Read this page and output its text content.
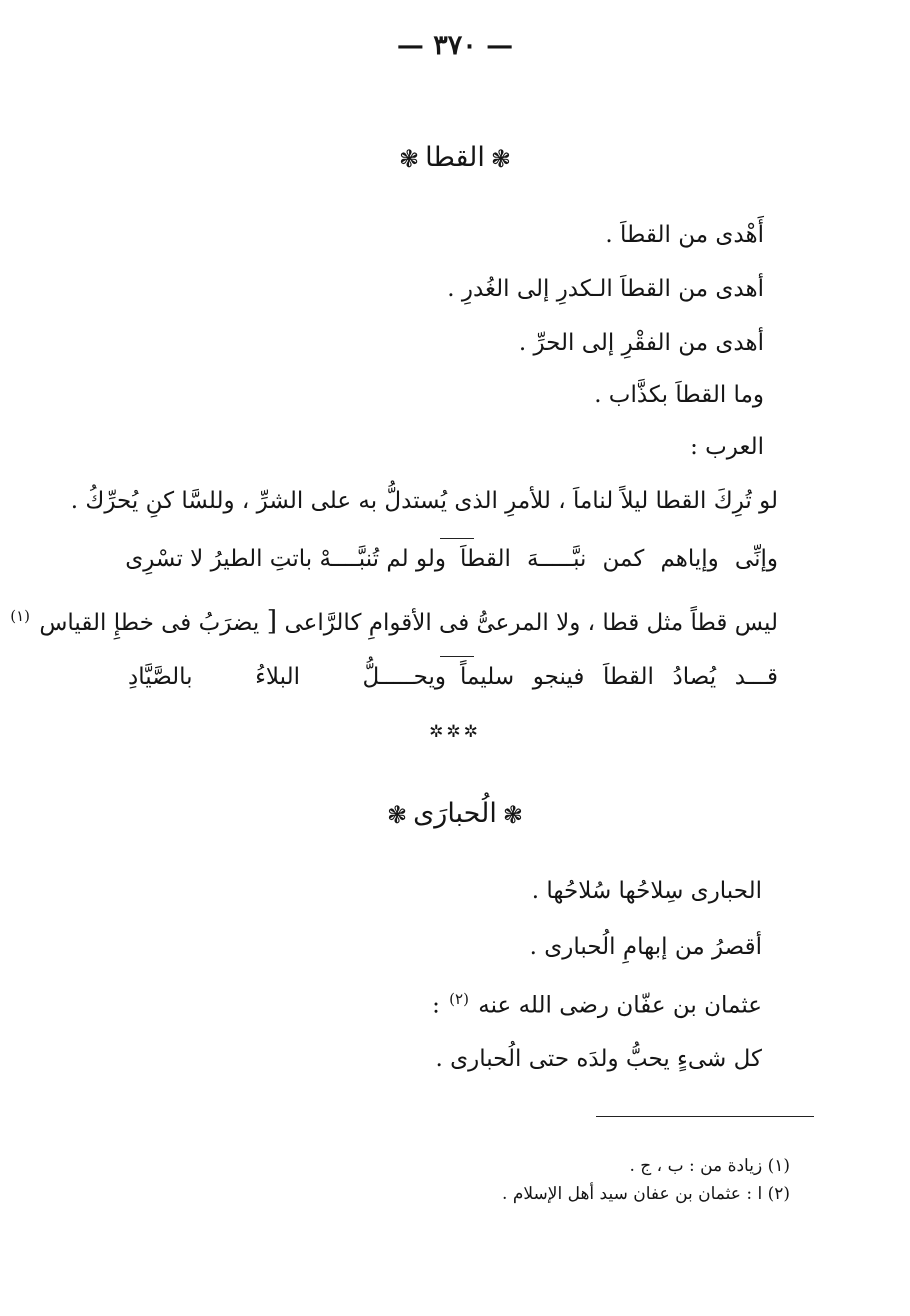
— ٣٧٠ —
❃القطا❃
أَهْدى من القطاَ .
أهدى من القطاَ الـكدرِ إلى الغُدرِ .
أهدى من الفقْرِ إلى الحرِّ .
وما القطاَ بكذَّاب .
العرب :
لو تُرِكَ القطا ليلاً لناماَ ، للأمرِ الذى يُستدلُّ به على الشرِّ ، وللسَّا كنِ يُحرِّكُ .
وإنِّى وإياهم كمن نبَّـــــهَ القطاَ
ولو لم تُنبَّــــهْ باتتِ الطيرُ لا تسْرِى
ليس قطاً مثل قطا ، ولا المرعىُّ فى الأقوامِ كالرَّاعى [ يضرَبُ فى خطإِ القياس $^{(١)}$
قـــد يُصادُ القطاَ فينجو سليماً
ويحـــــلُّ البلاءُ بالصَّيَّادِ
✲✲✲
❃الُحبارَى❃
الحبارى سِلاحُها سُلاحُها .
أقصرُ من إبهامِ الُحبارى .
عثمان بن عفّان رضى الله عنه $^{(٢)}$ :
كل شىءٍ يحبُّ ولدَه حتى الُحبارى .
(١) زيادة من : ب ، ج .
(٢) ا : عثمان بن عفان سيد أهل الإسلام .
